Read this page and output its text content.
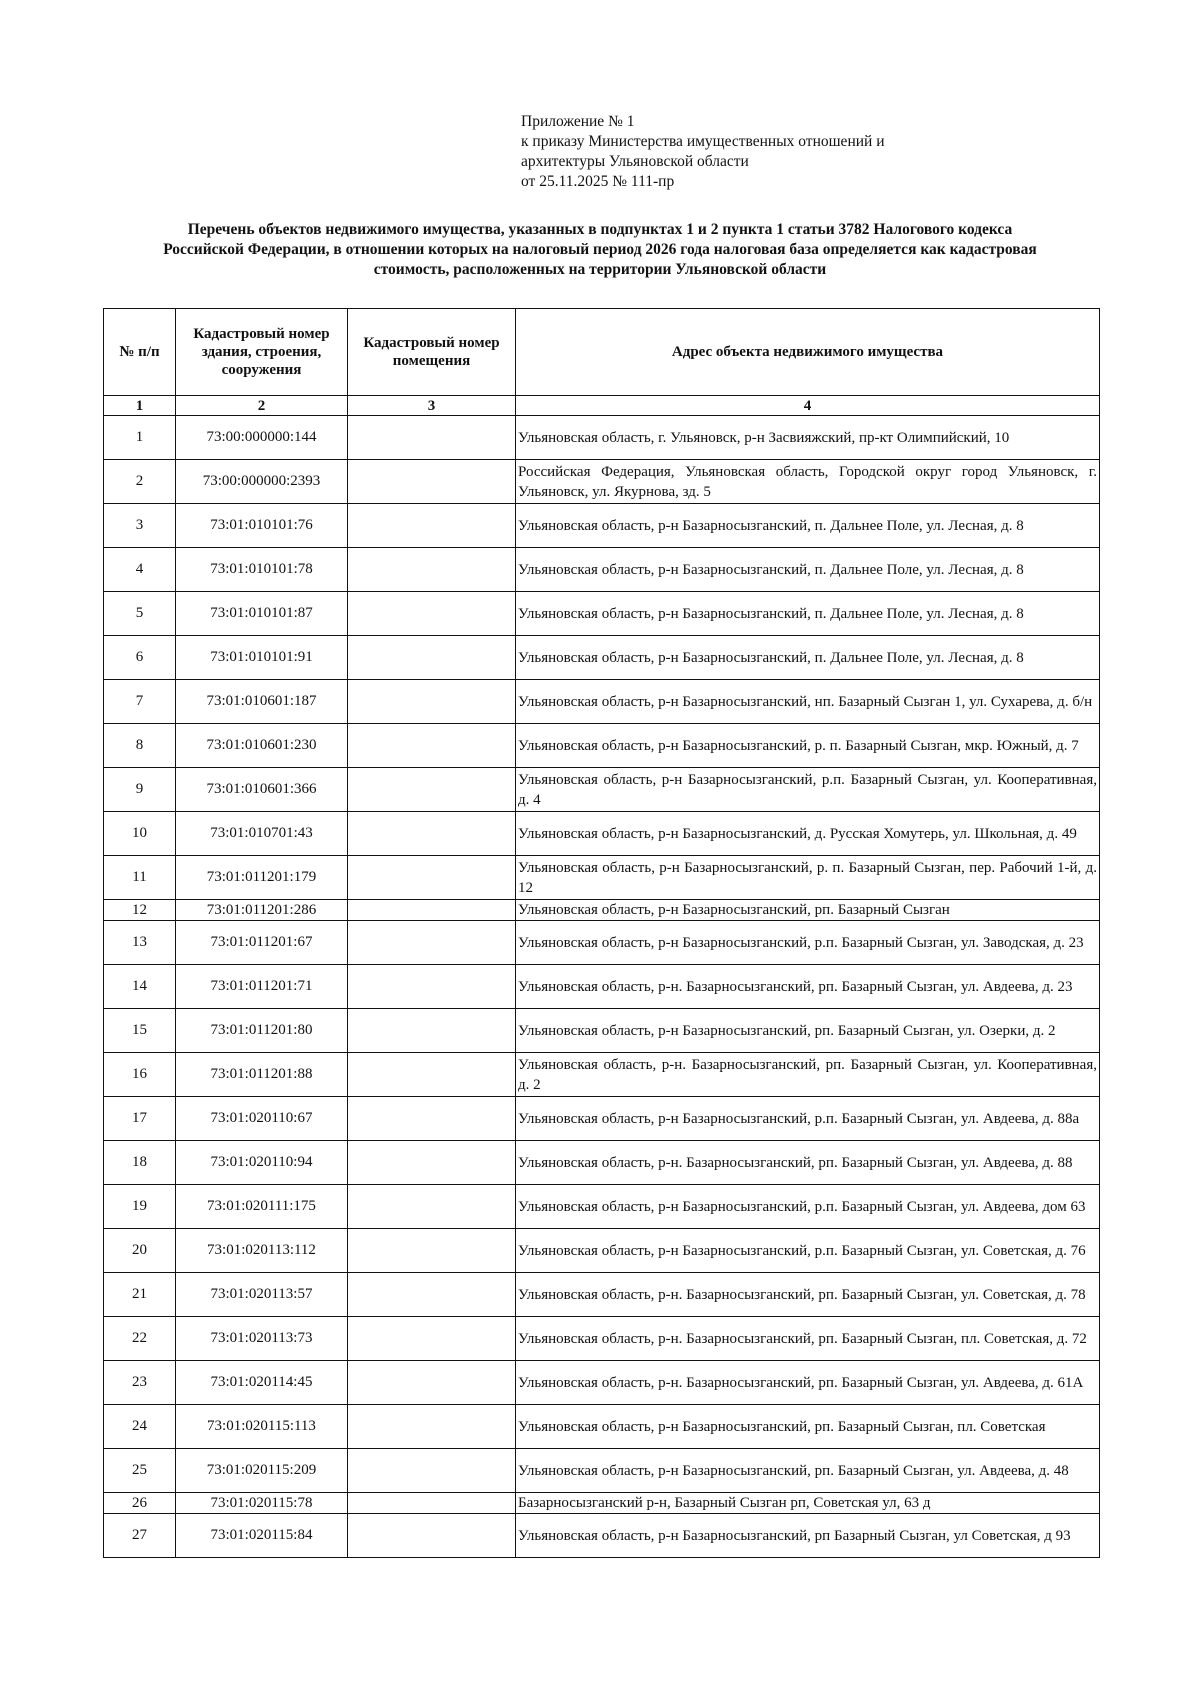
Приложение № 1
к приказу Министерства имущественных отношений и
архитектуры Ульяновской области
от 25.11.2025 № 111-пр
Перечень объектов недвижимого имущества, указанных в подпунктах 1 и 2 пункта 1 статьи 3782 Налогового кодекса
Российской Федерации, в отношении которых на налоговый период 2026 года налоговая база определяется как кадастровая
стоимость, расположенных на территории Ульяновской области
№ п/п	Кадастровый номер здания, строения, сооружения	Кадастровый номер помещения	Адрес объекта недвижимого имущества
1	2	3	4
1	73:00:000000:144		Ульяновская область, г. Ульяновск, р-н Засвияжский, пр-кт Олимпийский, 10
2	73:00:000000:2393		Российская Федерация, Ульяновская область, Городской округ город Ульяновск, г. Ульяновск, ул. Якурнова, зд. 5
3	73:01:010101:76		Ульяновская область, р-н Базарносызганский, п. Дальнее Поле, ул. Лесная, д. 8
4	73:01:010101:78		Ульяновская область, р-н Базарносызганский, п. Дальнее Поле, ул. Лесная, д. 8
5	73:01:010101:87		Ульяновская область, р-н Базарносызганский, п. Дальнее Поле, ул. Лесная, д. 8
6	73:01:010101:91		Ульяновская область, р-н Базарносызганский, п. Дальнее Поле, ул. Лесная, д. 8
7	73:01:010601:187		Ульяновская область, р-н Базарносызганский, нп. Базарный Сызган 1, ул. Сухарева, д. б/н
8	73:01:010601:230		Ульяновская область, р-н Базарносызганский, р. п. Базарный Сызган, мкр. Южный, д. 7
9	73:01:010601:366		Ульяновская область, р-н Базарносызганский, р.п. Базарный Сызган, ул. Кооперативная, д. 4
10	73:01:010701:43		Ульяновская область, р-н Базарносызганский, д. Русская Хомутерь, ул. Школьная, д. 49
11	73:01:011201:179		Ульяновская область, р-н Базарносызганский, р. п. Базарный Сызган, пер. Рабочий 1-й, д. 12
12	73:01:011201:286		Ульяновская область, р-н Базарносызганский, рп. Базарный Сызган
13	73:01:011201:67		Ульяновская область, р-н Базарносызганский, р.п. Базарный Сызган, ул. Заводская, д. 23
14	73:01:011201:71		Ульяновская область, р-н. Базарносызганский, рп. Базарный Сызган, ул. Авдеева, д. 23
15	73:01:011201:80		Ульяновская область, р-н Базарносызганский, рп. Базарный Сызган, ул. Озерки, д. 2
16	73:01:011201:88		Ульяновская область, р-н. Базарносызганский, рп. Базарный Сызган, ул. Кооперативная, д. 2
17	73:01:020110:67		Ульяновская область, р-н Базарносызганский, р.п. Базарный Сызган, ул. Авдеева, д. 88а
18	73:01:020110:94		Ульяновская область, р-н. Базарносызганский, рп. Базарный Сызган, ул. Авдеева, д. 88
19	73:01:020111:175		Ульяновская область, р-н Базарносызганский, р.п. Базарный Сызган, ул. Авдеева, дом 63
20	73:01:020113:112		Ульяновская область, р-н Базарносызганский, р.п. Базарный Сызган, ул. Советская, д. 76
21	73:01:020113:57		Ульяновская область, р-н. Базарносызганский, рп. Базарный Сызган, ул. Советская, д. 78
22	73:01:020113:73		Ульяновская область, р-н. Базарносызганский, рп. Базарный Сызган, пл. Советская, д. 72
23	73:01:020114:45		Ульяновская область, р-н. Базарносызганский, рп. Базарный Сызган, ул. Авдеева, д. 61А
24	73:01:020115:113		Ульяновская область, р-н Базарносызганский, рп. Базарный Сызган, пл. Советская
25	73:01:020115:209		Ульяновская область, р-н Базарносызганский, рп. Базарный Сызган, ул. Авдеева, д. 48
26	73:01:020115:78		Базарносызганский р-н, Базарный Сызган рп, Советская ул, 63 д
27	73:01:020115:84		Ульяновская область, р-н Базарносызганский, рп Базарный Сызган, ул Советская, д 93
